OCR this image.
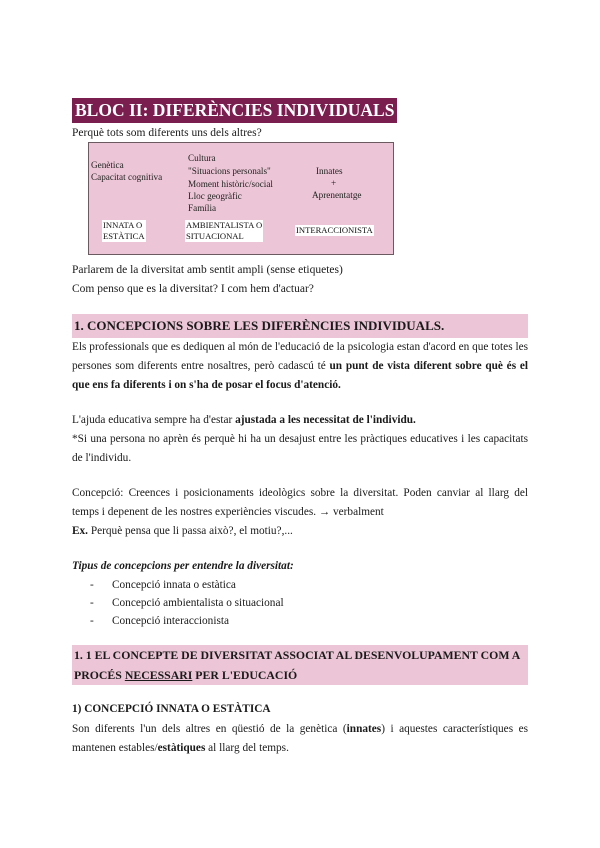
BLOC II: DIFERÈNCIES INDIVIDUALS
Perquè tots som diferents uns dels altres?
Genètica
Capacitat cognitiva
Cultura
"Situacions personals"
Moment històric/social
Lloc geogràfic
Família
Innates
+
Aprenentatge
INNATA O
ESTÀTICA
AMBIENTALISTA O
SITUACIONAL
INTERACCIONISTA
Parlarem de la diversitat amb sentit ampli (sense etiquetes)
Com penso que es la diversitat? I com hem d'actuar?
1. CONCEPCIONS SOBRE LES DIFERÈNCIES INDIVIDUALS.
Els professionals que es dediquen al món de l'educació de la psicologia estan d'acord en que totes les persones som diferents entre nosaltres, però cadascú té un punt de vista diferent sobre què és el que ens fa diferents i on s'ha de posar el focus d'atenció.
L'ajuda educativa sempre ha d'estar ajustada a les necessitat de l'individu.
*Si una persona no aprèn és perquè hi ha un desajust entre les pràctiques educatives i les capacitats de l'individu.
Concepció: Creences i posicionaments ideològics sobre la diversitat. Poden canviar al llarg del temps i depenent de les nostres experiències viscudes. → verbalment
Ex. Perquè pensa que li passa això?, el motiu?,...
Tipus de concepcions per entendre la diversitat:
- Concepció innata o estàtica
- Concepció ambientalista o situacional
- Concepció interaccionista
1. 1 EL CONCEPTE DE DIVERSITAT ASSOCIAT AL DESENVOLUPAMENT COM A PROCÉS NECESSARI PER L'EDUCACIÓ
1) CONCEPCIÓ INNATA O ESTÀTICA
Son diferents l'un dels altres en qüestió de la genètica (innates) i aquestes característiques es mantenen estables/estàtiques al llarg del temps.
